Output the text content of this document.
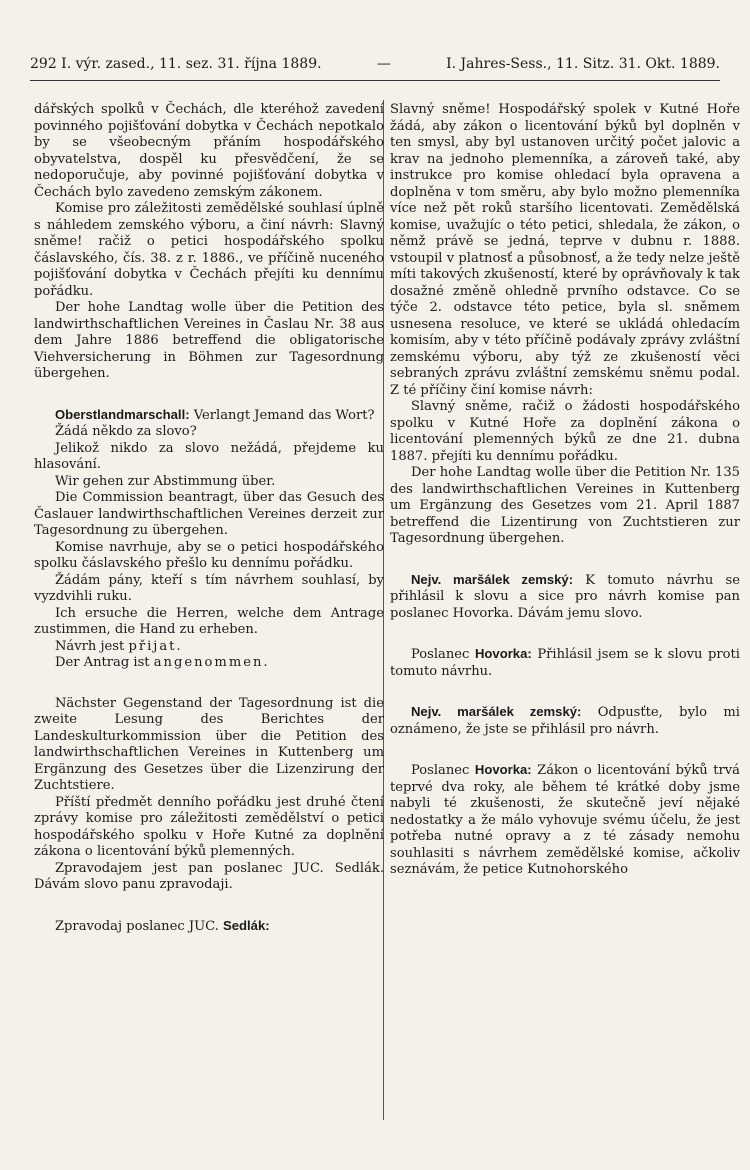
292 I. výr. zased., 11. sez. 31. října 1889.	—	I. Jahres-Sess., 11. Sitz. 31. Okt. 1889.

dářských spolků v Čechách, dle kteréhož zavedení povinného pojišťování dobytka v Čechách nepotkalo by se všeobecným přáním hospodářského obyvatelstva, dospěl ku přesvědčení, že se nedoporučuje, aby povinné pojišťování dobytka v Čechách bylo zavedeno zemským zákonem.

Komise pro záležitosti zemědělské souhlasí úplně s náhledem zemského výboru, a činí návrh: Slavný sněme! račiž o petici hospodářského spolku čáslavského, čís. 38. z r. 1886., ve příčině nuceného pojišťování dobytka v Čechách přejíti ku dennímu pořádku.

Der hohe Landtag wolle über die Petition des landwirthschaftlichen Vereines in Časlau Nr. 38 aus dem Jahre 1886 betreffend die obligatorische Viehversicherung in Böhmen zur Tagesordnung übergehen.

Oberstlandmarschall: Verlangt Jemand das Wort?

Žádá někdo za slovo?

Jelikož nikdo za slovo nežádá, přejdeme ku hlasování.

Wir gehen zur Abstimmung über.

Die Commission beantragt, über das Gesuch des Časlauer landwirthschaftlichen Vereines derzeit zur Tagesordnung zu übergehen.

Komise navrhuje, aby se o petici hospodářského spolku čáslavského přešlo ku dennímu pořádku.

Žádám pány, kteří s tím návrhem souhlasí, by vyzdvihli ruku.

Ich ersuche die Herren, welche dem Antrage zustimmen, die Hand zu erheben.

Návrh jest přijat.

Der Antrag ist angenommen.

Nächster Gegenstand der Tagesordnung ist die zweite Lesung des Berichtes der Landeskulturkommission über die Petition des landwirthschaftlichen Vereines in Kuttenberg um Ergänzung des Gesetzes über die Lizenzirung der Zuchtstiere.

Příští předmět denního pořádku jest druhé čtení zprávy komise pro záležitosti zemědělství o petici hospodářského spolku v Hoře Kutné za doplnění zákona o licentování býků plemenných.

Zpravodajem jest pan poslanec JUC. Sedlák. Dávám slovo panu zpravodaji.

Zpravodaj poslanec JUC. Sedlák:

Slavný sněme! Hospodářský spolek v Kutné Hoře žádá, aby zákon o licentování býků byl doplněn v ten smysl, aby byl ustanoven určitý počet jalovic a krav na jednoho plemenníka, a zároveň také, aby instrukce pro komise ohledací byla opravena a doplněna v tom směru, aby bylo možno plemenníka více než pět roků staršího licentovati. Zemědělská komise, uvažujíc o této petici, shledala, že zákon, o němž právě se jedná, teprve v dubnu r. 1888. vstoupil v platnosť a působnosť, a že tedy nelze ještě míti takových zkušeností, které by oprávňovaly k tak dosažné změně ohledně prvního odstavce. Co se týče 2. odstavce této petice, byla sl. sněmem usnesena resoluce, ve které se ukládá ohledacím komisím, aby v této příčině podávaly zprávy zvláštní zemskému výboru, aby týž ze zkušeností věci sebraných zprávu zvláštní zemskému sněmu podal. Z té příčiny činí komise návrh:

Slavný sněme, račiž o žádosti hospodářského spolku v Kutné Hoře za doplnění zákona o licentování plemenných býků ze dne 21. dubna 1887. přejíti ku dennímu pořádku.

Der hohe Landtag wolle über die Petition Nr. 135 des landwirthschaftlichen Vereines in Kuttenberg um Ergänzung des Gesetzes vom 21. April 1887 betreffend die Lizentirung von Zuchtstieren zur Tagesordnung übergehen.

Nejv. maršálek zemský: K tomuto návrhu se přihlásil k slovu a sice pro návrh komise pan poslanec Hovorka. Dávám jemu slovo.

Poslanec Hovorka: Přihlásil jsem se k slovu proti tomuto návrhu.

Nejv. maršálek zemský: Odpusťte, bylo mi oznámeno, že jste se přihlásil pro návrh.

Poslanec Hovorka: Zákon o licentování býků trvá teprvé dva roky, ale během té krátké doby jsme nabyli té zkušenosti, že skutečně jeví nějaké nedostatky a že málo vyhovuje svému účelu, že jest potřeba nutné opravy a z té zásady nemohu souhlasiti s návrhem zemědělské komise, ačkoliv seznávám, že petice Kutnohorského
